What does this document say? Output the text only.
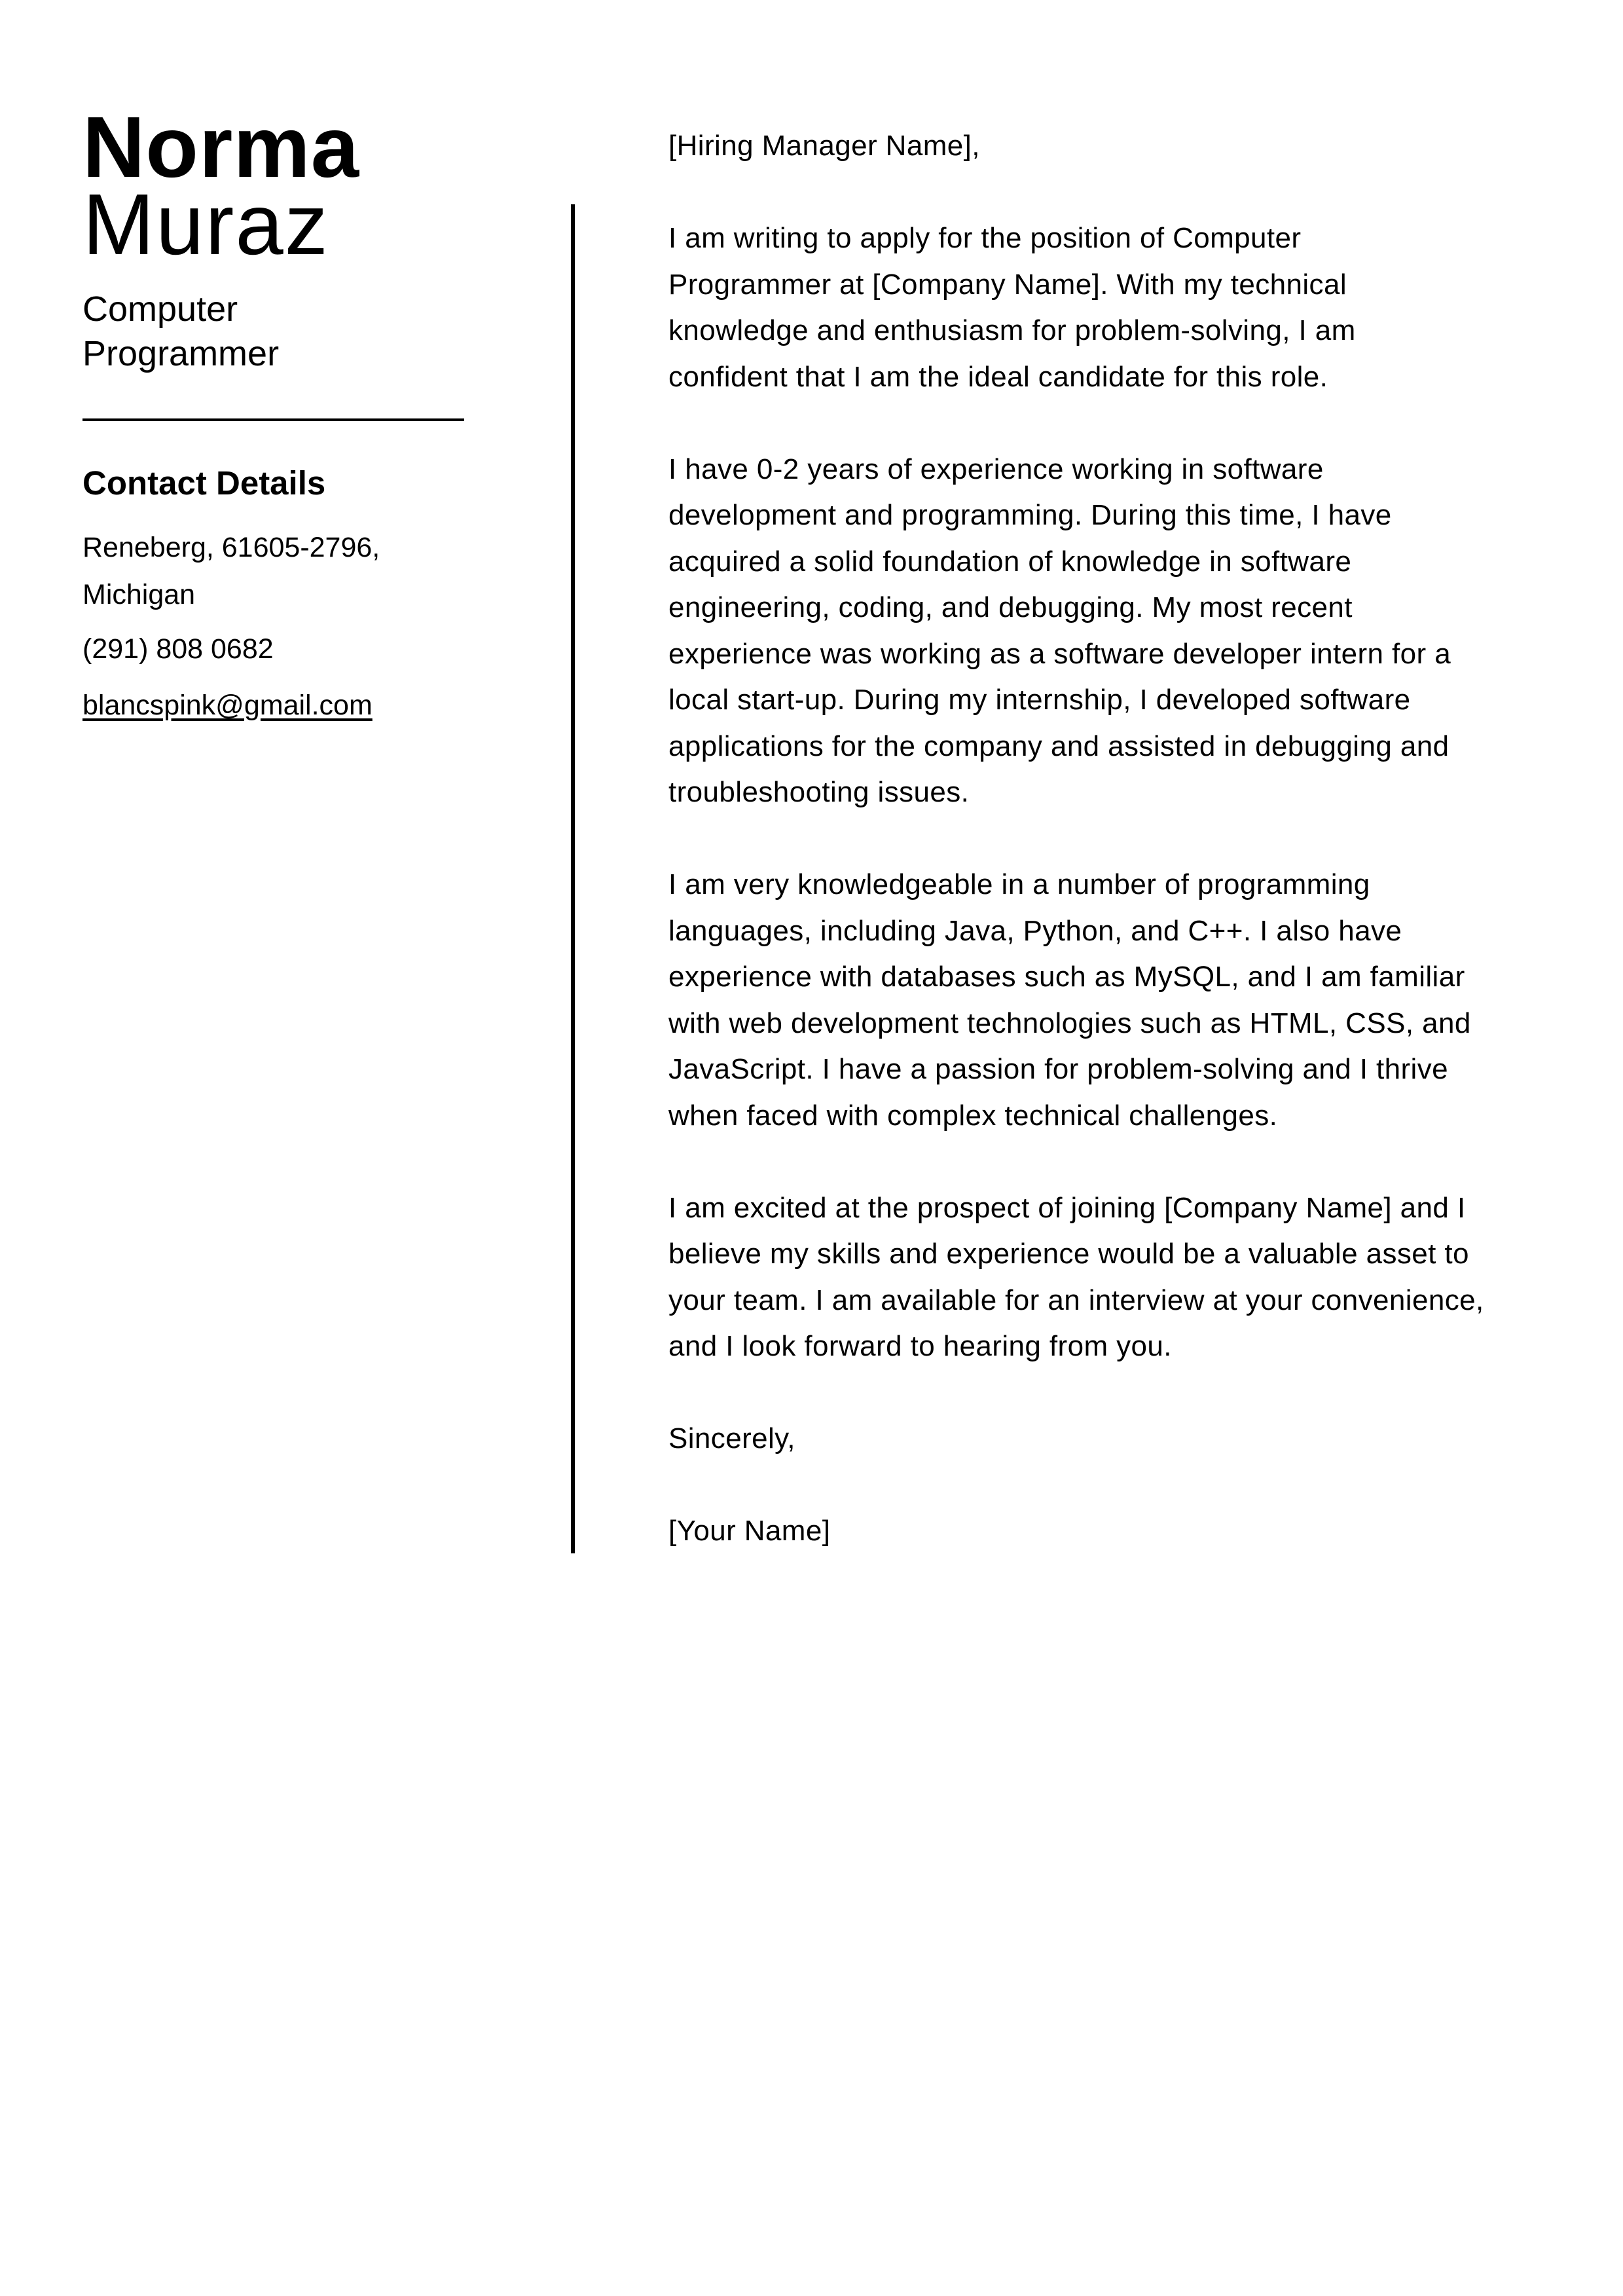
Norma
Muraz
Computer
Programmer
Contact Details
Reneberg, 61605-2796,
Michigan
(291) 808 0682
blancspink@gmail.com
[Hiring Manager Name],
I am writing to apply for the position of Computer
Programmer at [Company Name]. With my technical
knowledge and enthusiasm for problem-solving, I am
confident that I am the ideal candidate for this role.
I have 0-2 years of experience working in software
development and programming. During this time, I have
acquired a solid foundation of knowledge in software
engineering, coding, and debugging. My most recent
experience was working as a software developer intern for a
local start-up. During my internship, I developed software
applications for the company and assisted in debugging and
troubleshooting issues.
I am very knowledgeable in a number of programming
languages, including Java, Python, and C++. I also have
experience with databases such as MySQL, and I am familiar
with web development technologies such as HTML, CSS, and
JavaScript. I have a passion for problem-solving and I thrive
when faced with complex technical challenges.
I am excited at the prospect of joining [Company Name] and I
believe my skills and experience would be a valuable asset to
your team. I am available for an interview at your convenience,
and I look forward to hearing from you.
Sincerely,
[Your Name]
